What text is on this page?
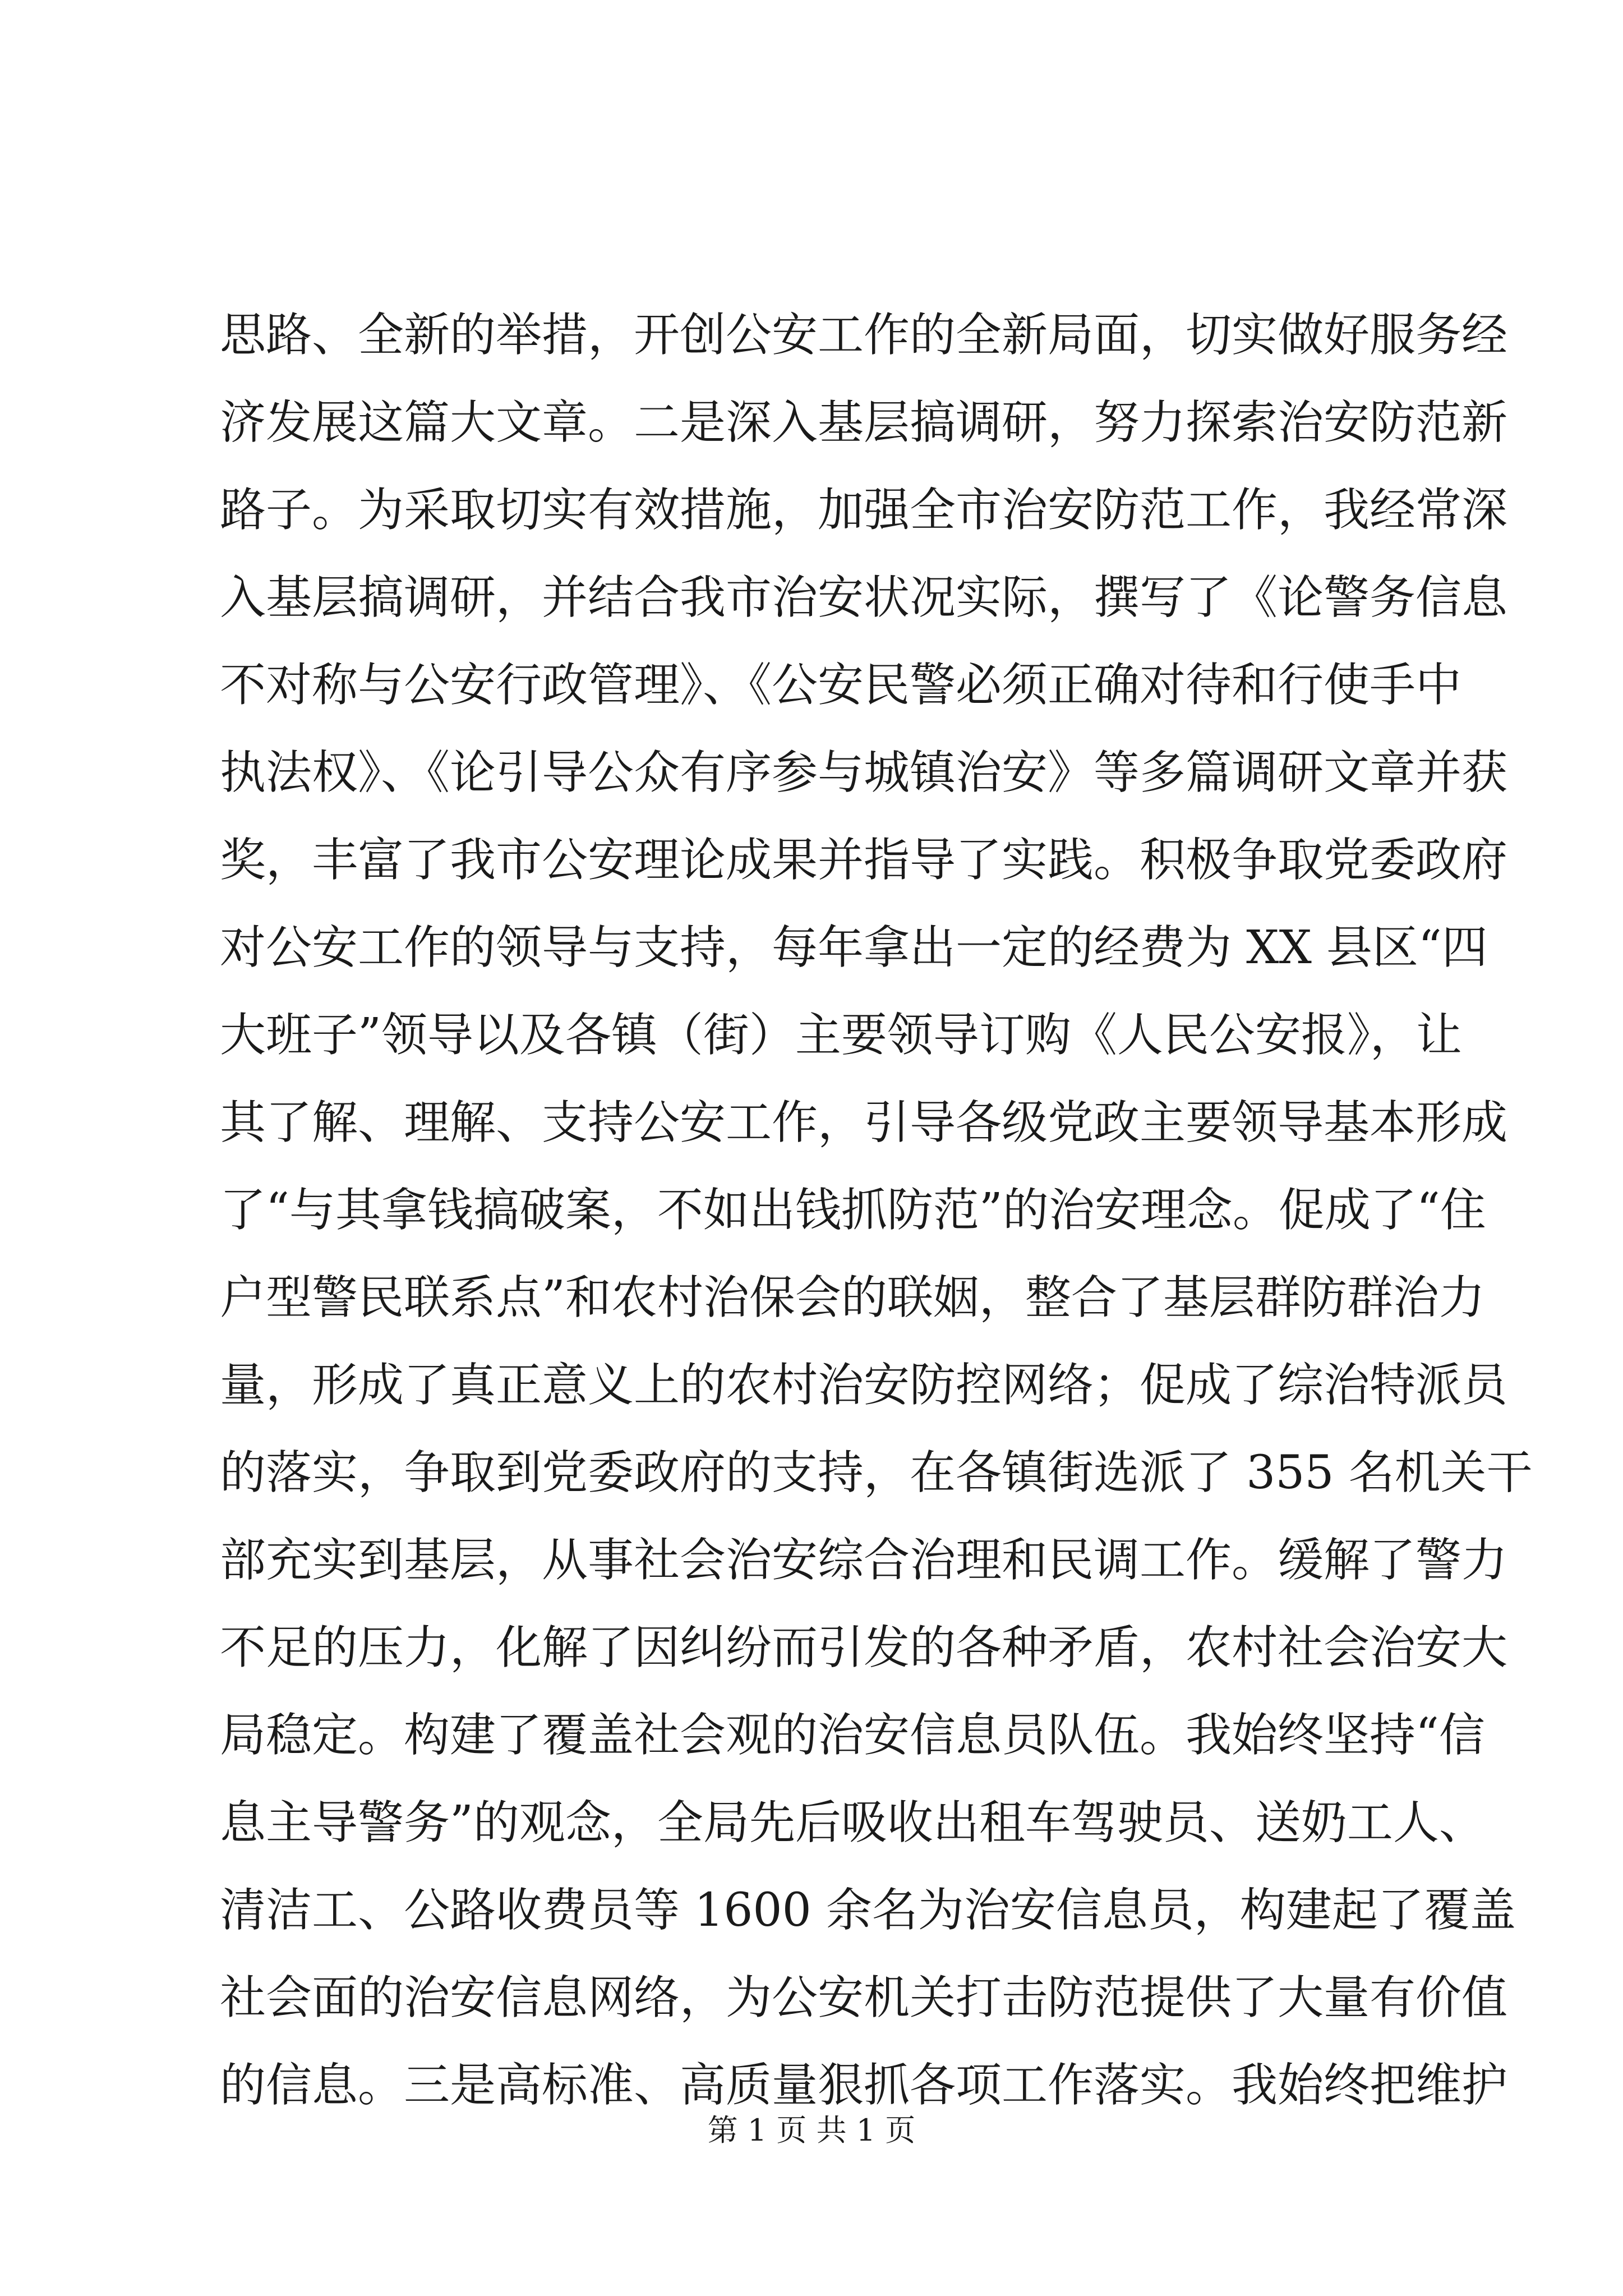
思路、全新的举措，开创公安工作的全新局面，切实做好服务经
济发展这篇大文章。二是深入基层搞调研，努力探索治安防范新
路子。为采取切实有效措施，加强全市治安防范工作，我经常深
入基层搞调研，并结合我市治安状况实际，撰写了《论警务信息
不对称与公安行政管理》、《公安民警必须正确对待和行使手中
执法权》、《论引导公众有序参与城镇治安》等多篇调研文章并获
奖，丰富了我市公安理论成果并指导了实践。积极争取党委政府
对公安工作的领导与支持，每年拿出一定的经费为 XX 县区“四
大班子”领导以及各镇（街）主要领导订购《人民公安报》，让
其了解、理解、支持公安工作，引导各级党政主要领导基本形成
了“与其拿钱搞破案，不如出钱抓防范”的治安理念。促成了“住
户型警民联系点”和农村治保会的联姻，整合了基层群防群治力
量，形成了真正意义上的农村治安防控网络；促成了综治特派员
的落实，争取到党委政府的支持，在各镇街选派了 355 名机关干
部充实到基层，从事社会治安综合治理和民调工作。缓解了警力
不足的压力，化解了因纠纷而引发的各种矛盾，农村社会治安大
局稳定。构建了覆盖社会观的治安信息员队伍。我始终坚持“信
息主导警务”的观念，全局先后吸收出租车驾驶员、送奶工人、
清洁工、公路收费员等 1600 余名为治安信息员，构建起了覆盖
社会面的治安信息网络，为公安机关打击防范提供了大量有价值
的信息。三是高标准、高质量狠抓各项工作落实。我始终把维护
第 1 页 共 1 页
